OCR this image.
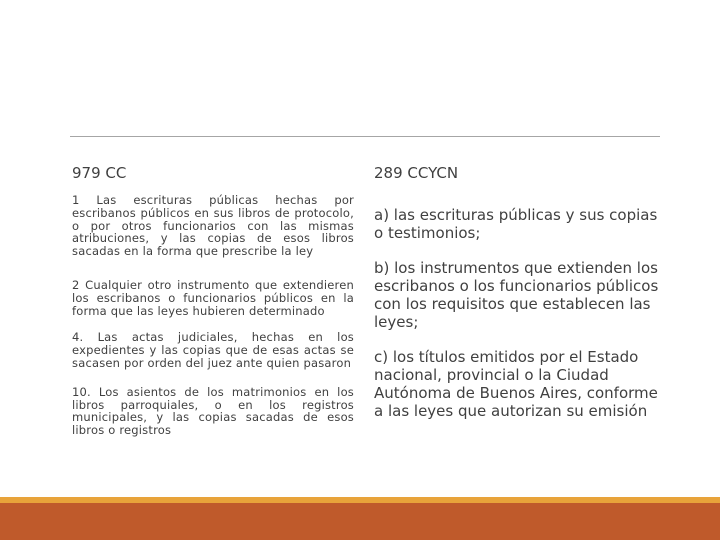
979 CC

1 Las escrituras públicas hechas por escribanos públicos en sus libros de protocolo, o por otros funcionarios con las mismas atribuciones, y las copias de esos libros sacadas en la forma que prescribe la ley

2 Cualquier otro instrumento que extendieren los escribanos o funcionarios públicos en la forma que las leyes hubieren determinado

4. Las actas judiciales, hechas en los expedientes y las copias que de esas actas se sacasen por orden del juez ante quien pasaron

10. Los asientos de los matrimonios en los libros parroquiales, o en los registros municipales, y las copias sacadas de esos libros o registros

289 CCYCN

a) las escrituras públicas y sus copias o testimonios;

b) los instrumentos que extienden los escribanos o los funcionarios públicos con los requisitos que establecen las leyes;

c) los títulos emitidos por el Estado nacional, provincial o la Ciudad Autónoma de Buenos Aires, conforme a las leyes que autorizan su emisión
